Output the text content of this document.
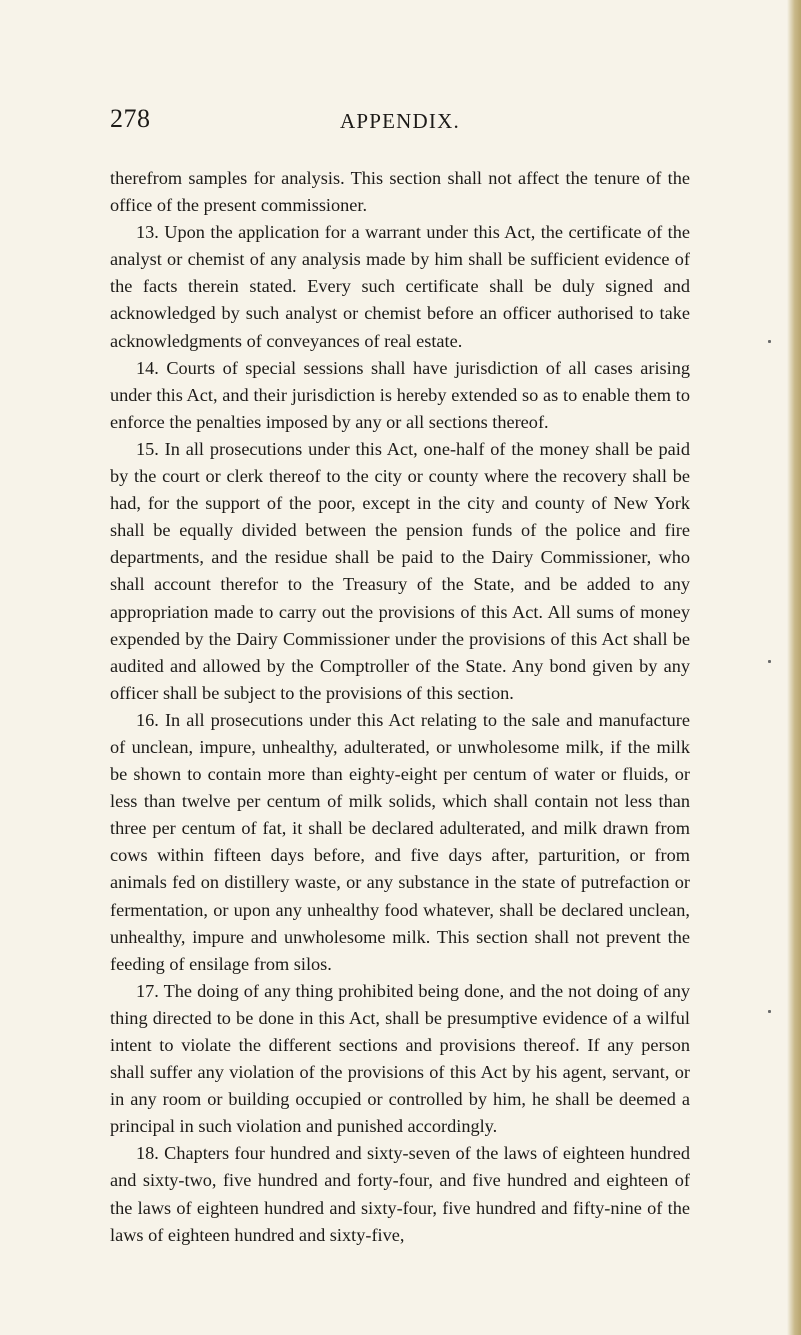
278	APPENDIX.

therefrom samples for analysis. This section shall not affect the tenure of the office of the present commissioner.

13. Upon the application for a warrant under this Act, the certificate of the analyst or chemist of any analysis made by him shall be sufficient evidence of the facts therein stated. Every such certificate shall be duly signed and acknowledged by such analyst or chemist before an officer authorised to take acknowledgments of conveyances of real estate.

14. Courts of special sessions shall have jurisdiction of all cases arising under this Act, and their jurisdiction is hereby extended so as to enable them to enforce the penalties imposed by any or all sections thereof.

15. In all prosecutions under this Act, one-half of the money shall be paid by the court or clerk thereof to the city or county where the recovery shall be had, for the support of the poor, except in the city and county of New York shall be equally divided between the pension funds of the police and fire departments, and the residue shall be paid to the Dairy Commissioner, who shall account therefor to the Treasury of the State, and be added to any appropriation made to carry out the provisions of this Act. All sums of money expended by the Dairy Commissioner under the provisions of this Act shall be audited and allowed by the Comptroller of the State. Any bond given by any officer shall be subject to the provisions of this section.

16. In all prosecutions under this Act relating to the sale and manufacture of unclean, impure, unhealthy, adulterated, or unwholesome milk, if the milk be shown to contain more than eighty-eight per centum of water or fluids, or less than twelve per centum of milk solids, which shall contain not less than three per centum of fat, it shall be declared adulterated, and milk drawn from cows within fifteen days before, and five days after, parturition, or from animals fed on distillery waste, or any substance in the state of putrefaction or fermentation, or upon any unhealthy food whatever, shall be declared unclean, unhealthy, impure and unwholesome milk. This section shall not prevent the feeding of ensilage from silos.

17. The doing of any thing prohibited being done, and the not doing of any thing directed to be done in this Act, shall be presumptive evidence of a wilful intent to violate the different sections and provisions thereof. If any person shall suffer any violation of the provisions of this Act by his agent, servant, or in any room or building occupied or controlled by him, he shall be deemed a principal in such violation and punished accordingly.

18. Chapters four hundred and sixty-seven of the laws of eighteen hundred and sixty-two, five hundred and forty-four, and five hundred and eighteen of the laws of eighteen hundred and sixty-four, five hundred and fifty-nine of the laws of eighteen hundred and sixty-five,
